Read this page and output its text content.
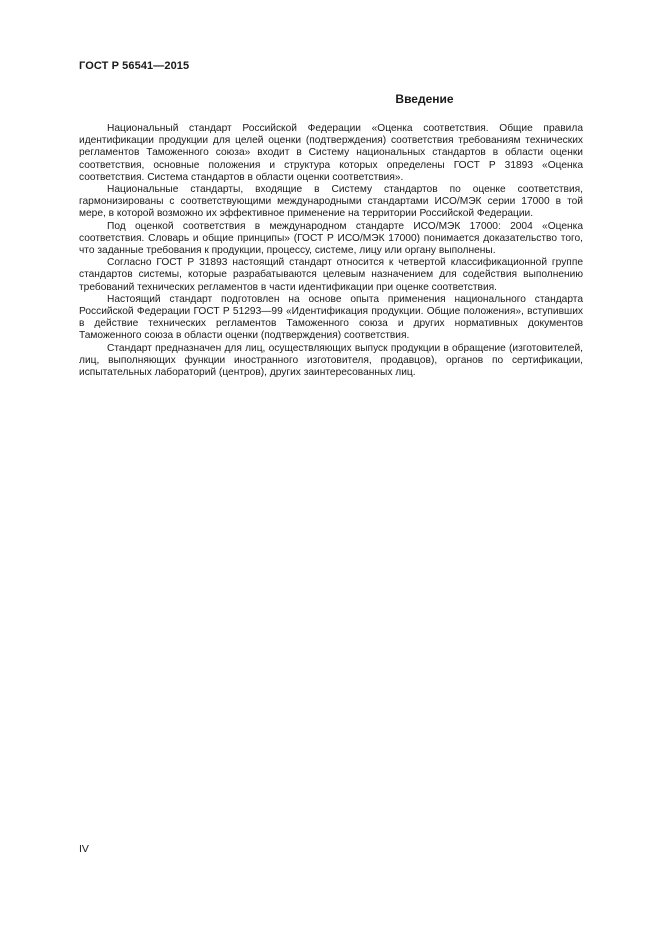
ГОСТ Р 56541—2015
Введение

Национальный стандарт Российской Федерации «Оценка соответствия. Общие правила идентификации продукции для целей оценки (подтверждения) соответствия требованиям технических регламентов Таможенного союза» входит в Систему национальных стандартов в области оценки соответствия, основные положения и структура которых определены ГОСТ Р 31893 «Оценка соответствия. Система стандартов в области оценки соответствия».

Национальные стандарты, входящие в Систему стандартов по оценке соответствия, гармонизированы с соответствующими международными стандартами ИСО/МЭК серии 17000 в той мере, в которой возможно их эффективное применение на территории Российской Федерации.

Под оценкой соответствия в международном стандарте ИСО/МЭК 17000: 2004 «Оценка соответствия. Словарь и общие принципы» (ГОСТ Р ИСО/МЭК 17000) понимается доказательство того, что заданные требования к продукции, процессу, системе, лицу или органу выполнены.

Согласно ГОСТ Р 31893 настоящий стандарт относится к четвертой классификационной группе стандартов системы, которые разрабатываются целевым назначением для содействия выполнению требований технических регламентов в части идентификации при оценке соответствия.

Настоящий стандарт подготовлен на основе опыта применения национального стандарта Российской Федерации ГОСТ Р 51293—99 «Идентификация продукции. Общие положения», вступивших в действие технических регламентов Таможенного союза и других нормативных документов Таможенного союза в области оценки (подтверждения) соответствия.

Стандарт предназначен для лиц, осуществляющих выпуск продукции в обращение (изготовителей, лиц, выполняющих функции иностранного изготовителя, продавцов), органов по сертификации, испытательных лабораторий (центров), других заинтересованных лиц.

IV
